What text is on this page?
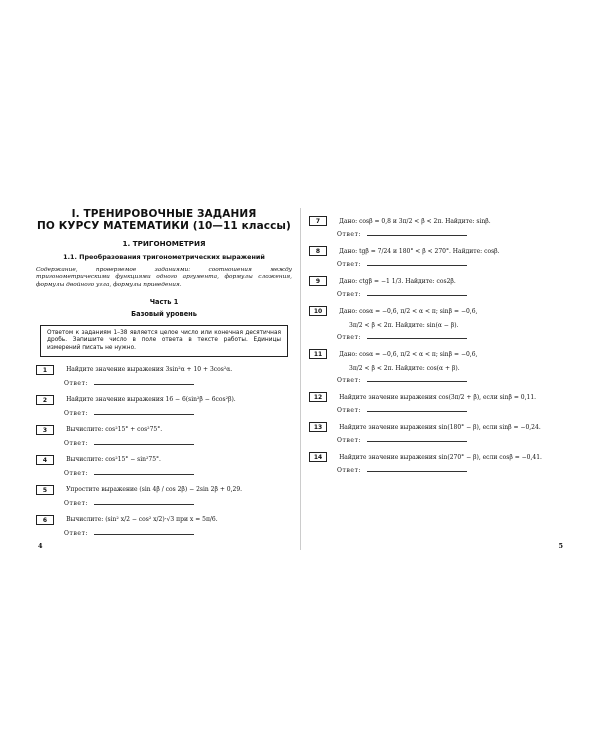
I. ТРЕНИРОВОЧНЫЕ ЗАДАНИЯ
ПО КУРСУ МАТЕМАТИКИ (10—11 классы)
1. ТРИГОНОМЕТРИЯ
1.1. Преобразования тригонометрических выражений
Содержание, проверяемое заданиями: соотношения между тригонометрическими функциями одного аргумента, формулы сложения, формулы двойного угла, формулы приведения.
Часть 1
Базовый уровень
Ответом к заданиям 1–38 является целое число или конечная десятичная дробь. Запишите число в поле ответа в тексте работы. Единицы измерений писать не нужно.
1	Найдите значение выражения 3sin²α + 10 + 3cos²α.
Ответ:
2	Найдите значение выражения 16 − 6(sin²β − 6cos²β).
Ответ:
3	Вычислите: cos²15° + cos²75°.
Ответ:
4	Вычислите: cos²15° − sin²75°.
Ответ:
5	Упростите выражение (sin 4β / cos 2β) − 2sin 2β + 0,29.
Ответ:
6	Вычислите: (sin² x/2 − cos² x/2)·√3 при x = 5π/6.
Ответ:
4
7	Дано: cosβ = 0,8 и 3π/2 < β < 2π. Найдите: sinβ.
Ответ:
8	Дано: tgβ = 7/24 и 180° < β < 270°. Найдите: cosβ.
Ответ:
9	Дано: ctgβ = −1 1/3. Найдите: cos2β.
Ответ:
10	Дано: cosα = −0,6, π/2 < α < π; sinβ = −0,6,
3π/2 < β < 2π. Найдите: sin(α − β).
Ответ:
11	Дано: cosα = −0,6, π/2 < α < π; sinβ = −0,6,
3π/2 < β < 2π. Найдите: cos(α + β).
Ответ:
12	Найдите значение выражения cos(3π/2 + β), если sinβ = 0,11.
Ответ:
13	Найдите значение выражения sin(180° − β), если sinβ = −0,24.
Ответ:
14	Найдите значение выражения sin(270° − β), если cosβ = −0,41.
Ответ:
5
